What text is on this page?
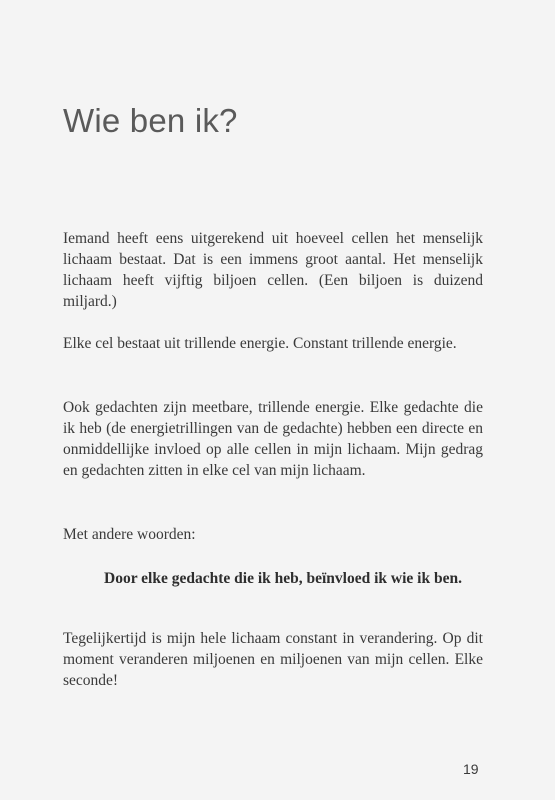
Wie ben ik?

Iemand heeft eens uitgerekend uit hoeveel cellen het menselijk lichaam bestaat. Dat is een immens groot aantal. Het menselijk lichaam heeft vijftig biljoen cellen. (Een biljoen is duizend miljard.)

Elke cel bestaat uit trillende energie. Constant trillende energie.

Ook gedachten zijn meetbare, trillende energie. Elke gedachte die ik heb (de energietrillingen van de gedachte) hebben een directe en onmiddellijke invloed op alle cellen in mijn lichaam. Mijn gedrag en gedachten zitten in elke cel van mijn lichaam.

Met andere woorden:

Door elke gedachte die ik heb, beïnvloed ik wie ik ben.

Tegelijkertijd is mijn hele lichaam constant in verandering. Op dit moment veranderen miljoenen en miljoenen van mijn cellen. Elke seconde!

19
